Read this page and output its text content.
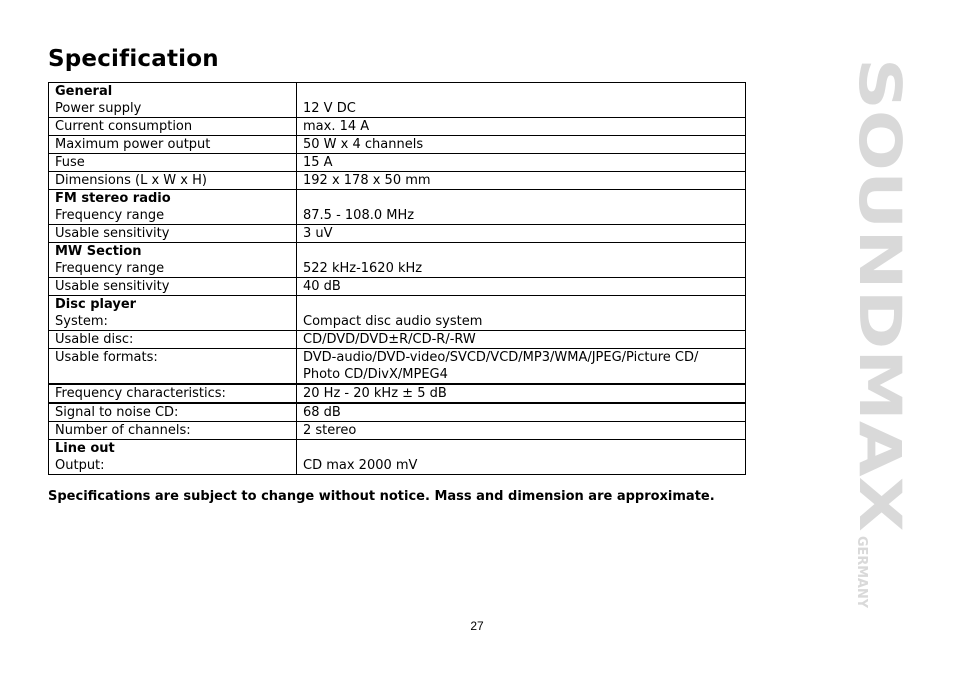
Specification
General
Power supply	12 V DC
Current consumption	max. 14 A
Maximum power output	50 W x 4 channels
Fuse	15 A
Dimensions (L x W x H)	192 x 178 x 50 mm

FM stereo radio
Frequency range	87.5 - 108.0 MHz
Usable sensitivity	3 uV

MW Section
Frequency range	522 kHz-1620 kHz
Usable sensitivity	40 dB

Disc player
System:	Compact disc audio system
Usable disc:	CD/DVD/DVD±R/CD-R/-RW
Usable formats:	DVD-audio/DVD-video/SVCD/VCD/MP3/WMA/JPEG/Picture CD/ Photo CD/DivX/MPEG4
Frequency characteristics:	20 Hz - 20 kHz ± 5 dB
Signal to noise CD:	68 dB
Number of channels:	2 stereo

Line out
Output:	CD max 2000 mV

Specifications are subject to change without notice. Mass and dimension are approximate.

27
SOUNDMAX
GERMANY
